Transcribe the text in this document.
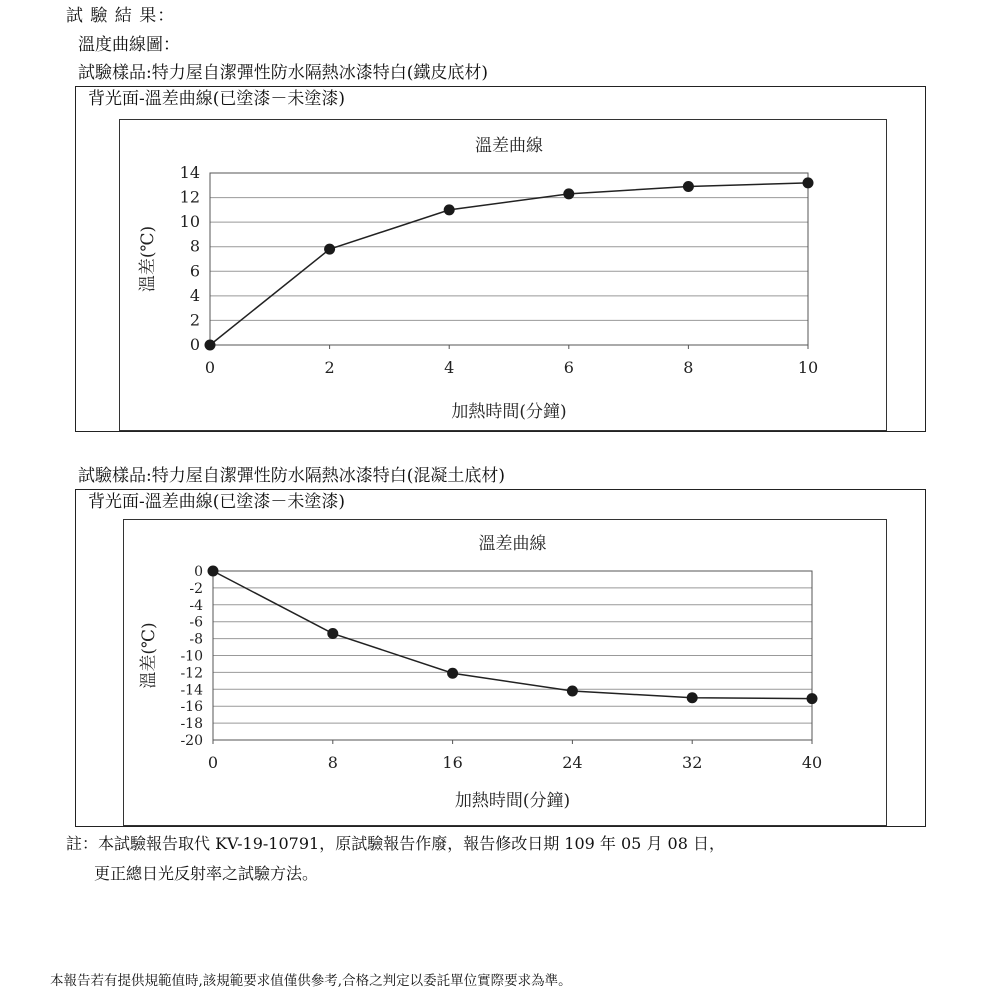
試 驗 結 果：
溫度曲線圖：
試驗樣品:特力屋自潔彈性防水隔熱冰漆特白(鐵皮底材)
背光面-溫差曲線(已塗漆－未塗漆)
溫差曲線
0
2
4
6
8
10
12
14
0	2	4	6	8	10
加熱時間(分鐘)
溫差(℃)
試驗樣品:特力屋自潔彈性防水隔熱冰漆特白(混凝土底材)
背光面-溫差曲線(已塗漆－未塗漆)
溫差曲線
0
-2
-4
-6
-8
-10
-12
-14
-16
-18
-20
0	8	16	24	32	40
加熱時間(分鐘)
溫差(℃)
註：本試驗報告取代 KV-19-10791，原試驗報告作廢，報告修改日期 109 年 05 月 08 日，
更正總日光反射率之試驗方法。
本報告若有提供規範值時,該規範要求值僅供參考,合格之判定以委託單位實際要求為準。
